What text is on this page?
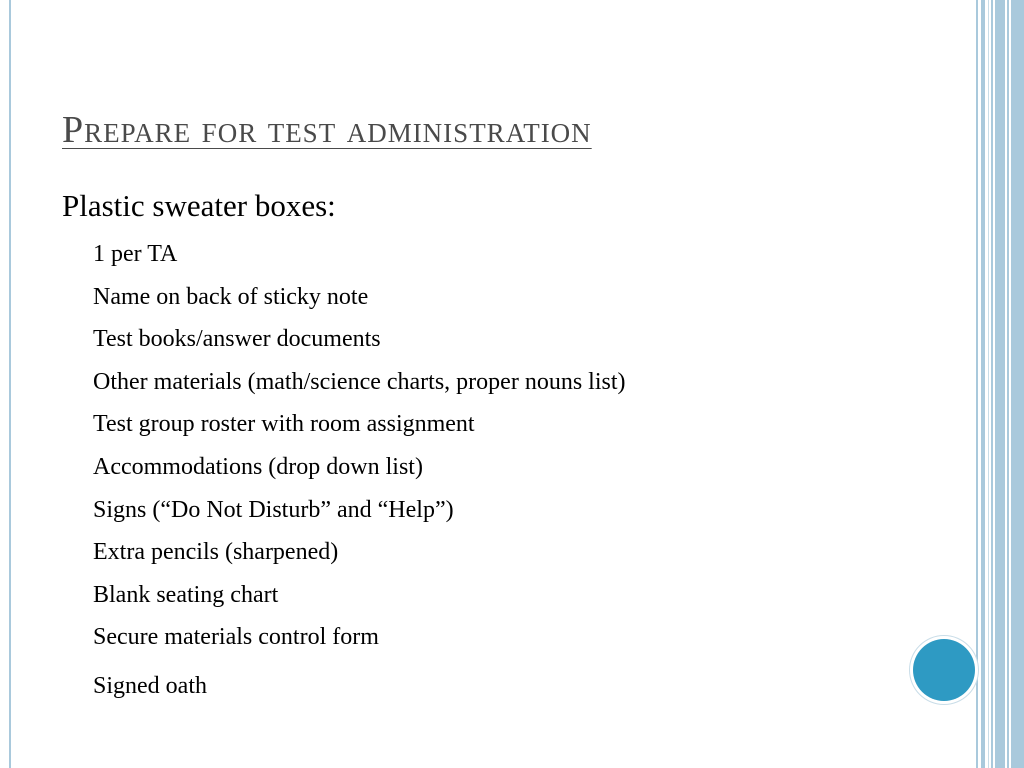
Prepare for test administration

Plastic sweater boxes:

1 per TA
Name on back of sticky note
Test books/answer documents
Other materials (math/science charts, proper nouns list)
Test group roster with room assignment
Accommodations (drop down list)
Signs (“Do Not Disturb” and “Help”)
Extra pencils (sharpened)
Blank seating chart
Secure materials control form
Signed oath
